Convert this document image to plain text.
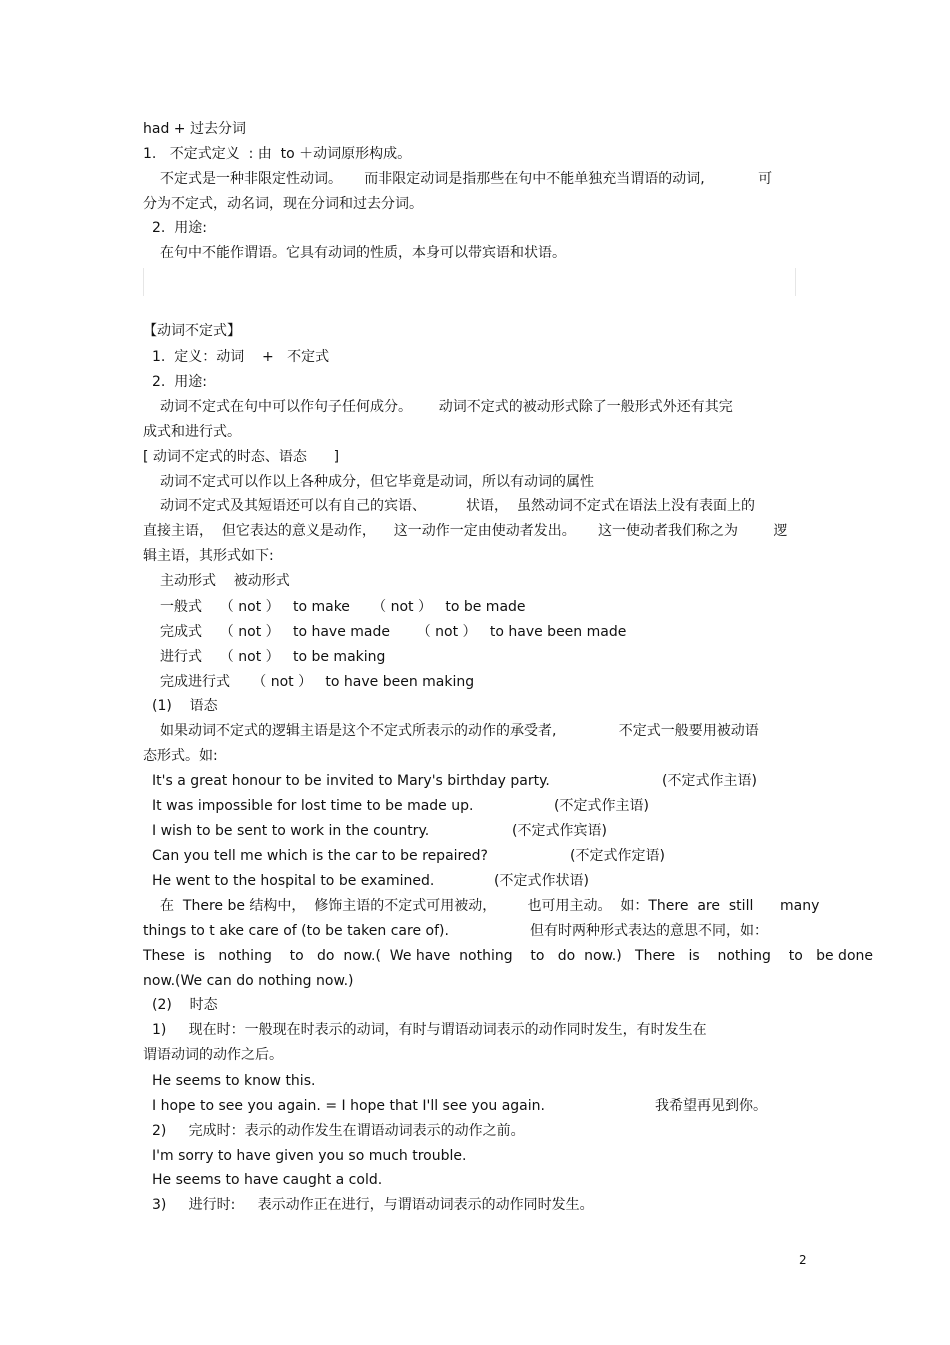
had + 过去分词
1.   不定式定义  : 由  to ＋动词原形构成。
不定式是一种非限定性动词。     而非限定动词是指那些在句中不能单独充当谓语的动词,            可
分为不定式，动名词，现在分词和过去分词。
2.  用途:
在句中不能作谓语。它具有动词的性质，本身可以带宾语和状语。
【动词不定式】
1.  定义：动词    +   不定式
2.  用途:
动词不定式在句中可以作句子任何成分。      动词不定式的被动形式除了一般形式外还有其完
成式和进行式。
[ 动词不定式的时态、语态      ]
动词不定式可以作以上各种成分，但它毕竟是动词，所以有动词的属性
动词不定式及其短语还可以有自己的宾语、         状语，  虽然动词不定式在语法上没有表面上的
直接主语，  但它表达的意义是动作，    这一动作一定由使动者发出。     这一使动者我们称之为        逻
辑主语，其形式如下:
主动形式    被动形式
一般式    （ not ）   to make     （ not ）   to be made
完成式    （ not ）   to have made      （ not ）   to have been made
进行式    （ not ）   to be making
完成进行式     （ not ）   to have been making
(1)    语态
如果动词不定式的逻辑主语是这个不定式所表示的动作的承受者,              不定式一般要用被动语
态形式。如:
It's a great honour to be invited to Mary's birthday party.	(不定式作主语)
It was impossible for lost time to be made up.	(不定式作主语)
I wish to be sent to work in the country.	(不定式作宾语)
Can you tell me which is the car to be repaired?	(不定式作定语)
He went to the hospital to be examined.	(不定式作状语)
在  There be 结构中，  修饰主语的不定式可用被动，       也可用主动。  如：There  are  still      many
things to t ake care of (to be taken care of).	但有时两种形式表达的意思不同，如：
These  is   nothing    to   do  now.(  We have  nothing    to   do  now.)   There   is    nothing    to   be done
now.(We can do nothing now.)
(2)    时态
1)     现在时：一般现在时表示的动词，有时与谓语动词表示的动作同时发生，有时发生在
谓语动词的动作之后。
He seems to know this.
I hope to see you again. = I hope that I'll see you again.	我希望再见到你。
2)     完成时：表示的动作发生在谓语动词表示的动作之前。
I'm sorry to have given you so much trouble.
He seems to have caught a cold.
3)     进行时:     表示动作正在进行，与谓语动词表示的动作同时发生。
2
